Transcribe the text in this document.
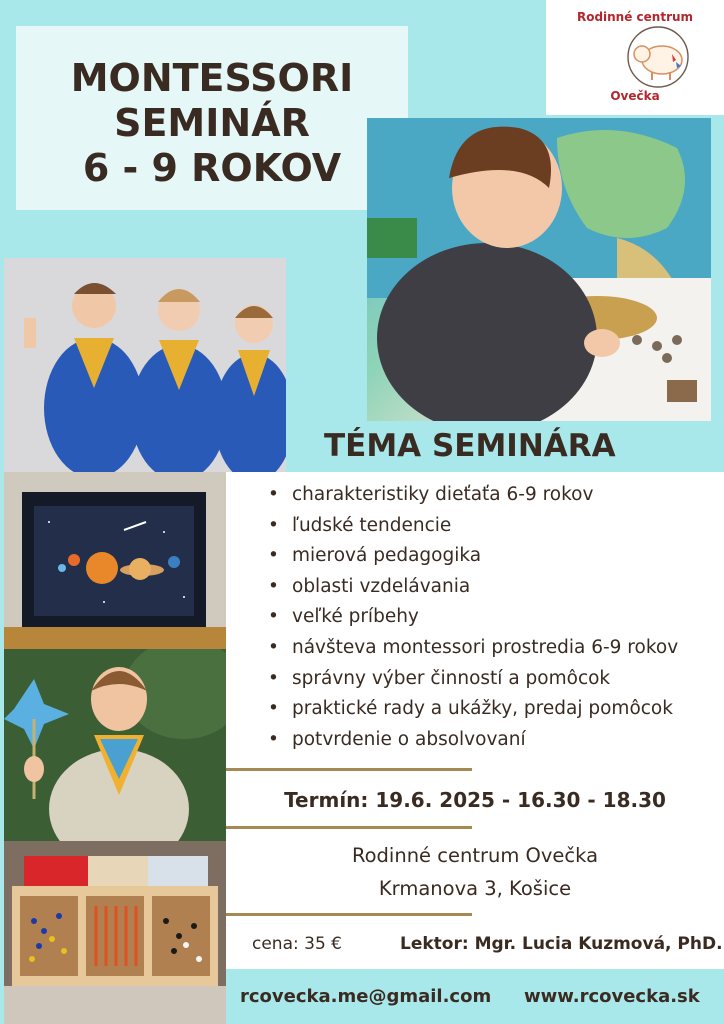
MONTESSORI
SEMINÁR
6 - 9 ROKOV
Rodinné centrum
Ovečka
TÉMA SEMINÁRA
• charakteristiky dieťaťa 6-9 rokov
• ľudské tendencie
• mierová pedagogika
• oblasti vzdelávania
• veľké príbehy
• návšteva montessori prostredia 6-9 rokov
• správny výber činností a pomôcok
• praktické rady a ukážky, predaj pomôcok
• potvrdenie o absolvovaní
Termín: 19.6. 2025 - 16.30 - 18.30
Rodinné centrum Ovečka
Krmanova 3, Košice
cena: 35 €	Lektor: Mgr. Lucia Kuzmová, PhD.
rcovecka.me@gmail.com www.rcovecka.sk
